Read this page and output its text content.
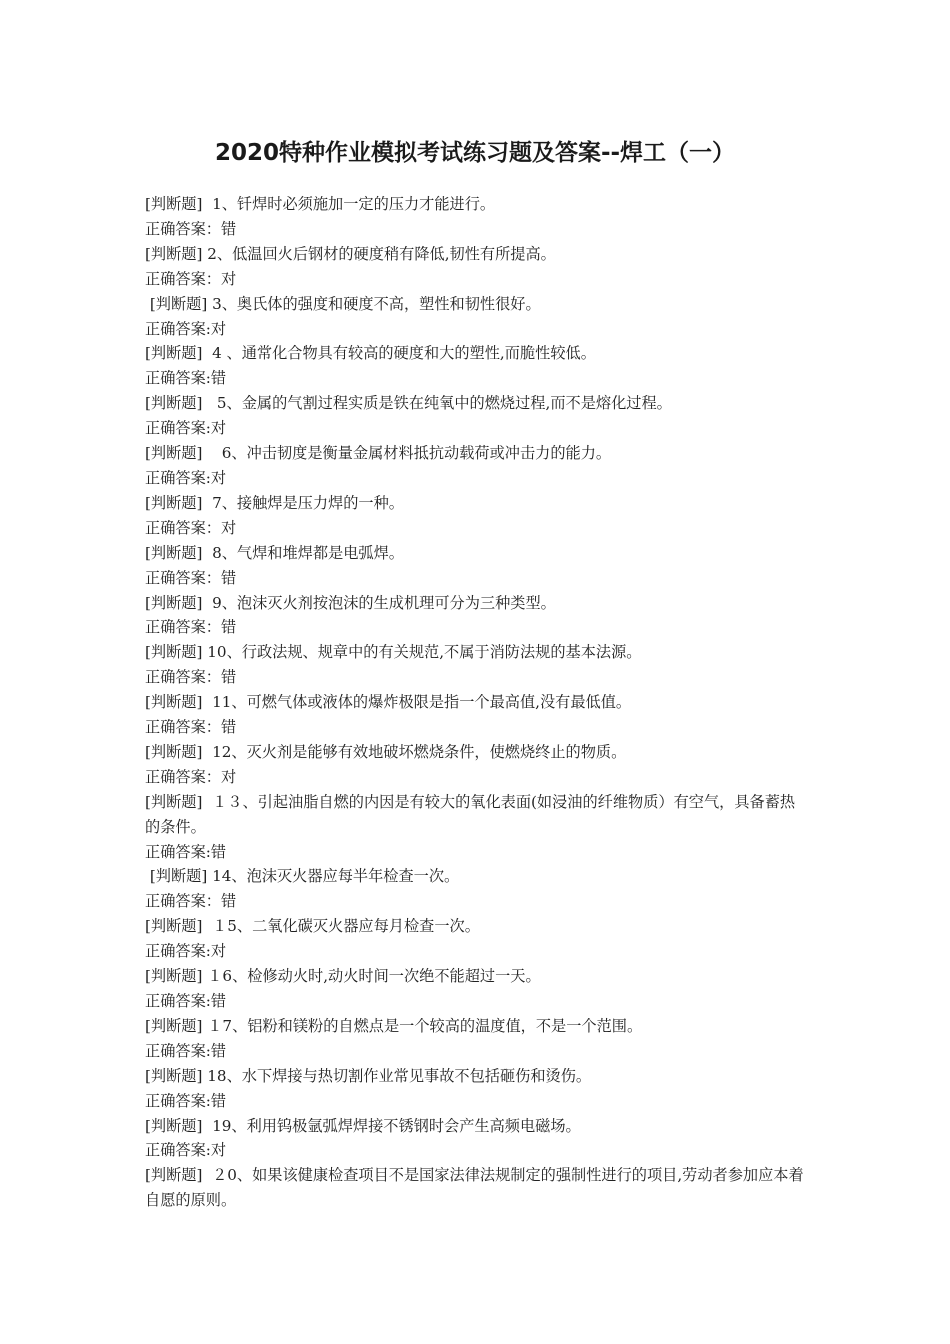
2020特种作业模拟考试练习题及答案--焊工（一）

[判断题]  1、钎焊时必须施加一定的压力才能进行。

正确答案：错

[判断题] 2、低温回火后钢材的硬度稍有降低,韧性有所提高。

正确答案：对

[判断题] 3、奥氏体的强度和硬度不高，塑性和韧性很好。

正确答案:对

[判断题]  4 、通常化合物具有较高的硬度和大的塑性,而脆性较低。

正确答案:错

[判断题]   5、金属的气割过程实质是铁在纯氧中的燃烧过程,而不是熔化过程。

正确答案:对

[判断题]    6、冲击韧度是衡量金属材料抵抗动载荷或冲击力的能力。

正确答案:对

[判断题]  7、接触焊是压力焊的一种。

正确答案：对

[判断题]  8、气焊和堆焊都是电弧焊。

正确答案：错

[判断题]  9、泡沫灭火剂按泡沫的生成机理可分为三种类型。

正确答案：错

[判断题] 10、行政法规、规章中的有关规范,不属于消防法规的基本法源。

正确答案：错

[判断题]  11、可燃气体或液体的爆炸极限是指一个最高值,没有最低值。

正确答案：错

[判断题]  12、灭火剂是能够有效地破坏燃烧条件，使燃烧终止的物质。

正确答案：对

[判断题]  １３、引起油脂自燃的内因是有较大的氧化表面(如浸油的纤维物质）有空气，具备蓄热的条件。

正确答案:错

[判断题] 14、泡沫灭火器应每半年检查一次。

正确答案：错

[判断题]  １5、二氧化碳灭火器应每月检查一次。

正确答案:对

[判断题] １6、检修动火时,动火时间一次绝不能超过一天。

正确答案:错

[判断题] １7、铝粉和镁粉的自燃点是一个较高的温度值，不是一个范围。

正确答案:错

[判断题] 18、水下焊接与热切割作业常见事故不包括砸伤和烫伤。

正确答案:错

[判断题]  19、利用钨极氩弧焊焊接不锈钢时会产生高频电磁场。

正确答案:对

[判断题]  ２0、如果该健康检查项目不是国家法律法规制定的强制性进行的项目,劳动者参加应本着自愿的原则。
